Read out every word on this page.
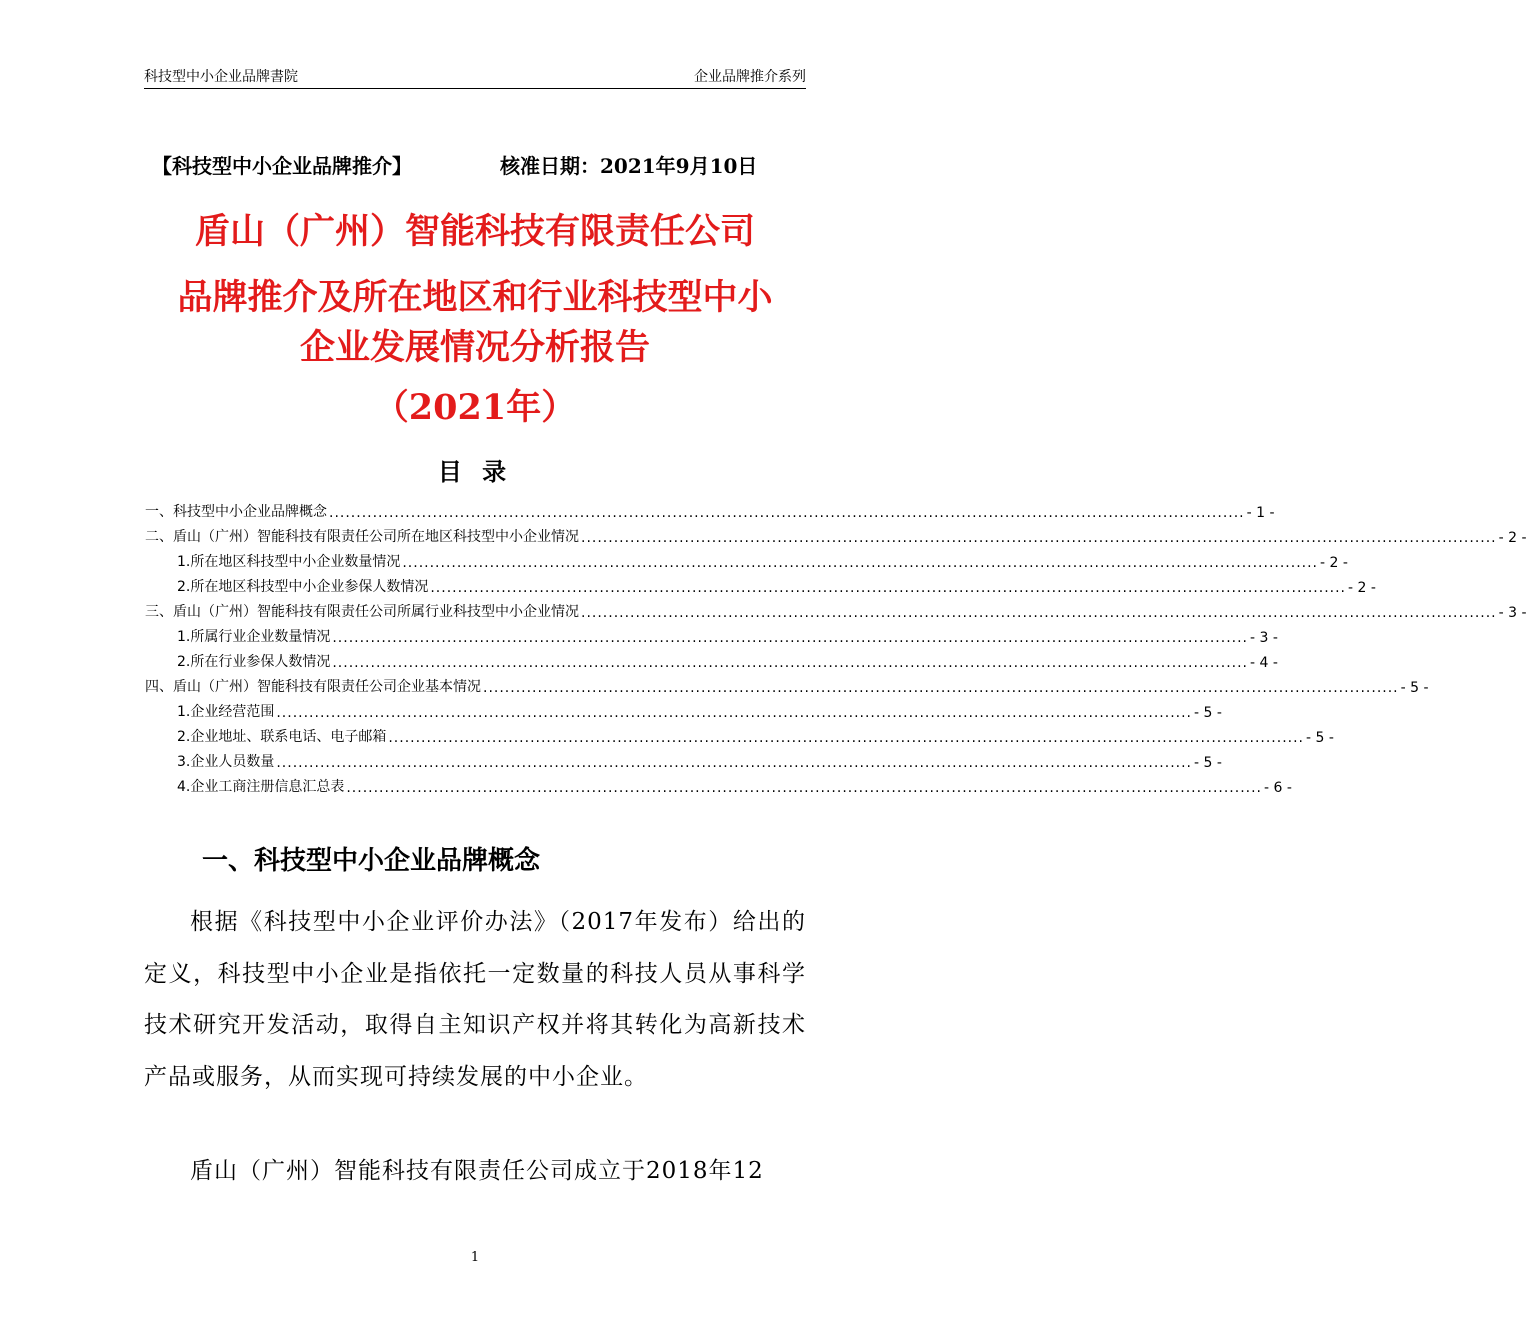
科技型中小企业品牌書院	企业品牌推介系列
【科技型中小企业品牌推介】	核准日期：2021年9月10日
盾山（广州）智能科技有限责任公司
品牌推介及所在地区和行业科技型中小
企业发展情况分析报告
（2021年）
目 录
一、科技型中小企业品牌概念 ........................................................................................................................................................................ - 1 -
二、盾山（广州）智能科技有限责任公司所在地区科技型中小企业情况 ........................................................................................................................................................................ - 2 -
1.所在地区科技型中小企业数量情况 ........................................................................................................................................................................ - 2 -
2.所在地区科技型中小企业参保人数情况 ........................................................................................................................................................................ - 2 -
三、盾山（广州）智能科技有限责任公司所属行业科技型中小企业情况 ........................................................................................................................................................................ - 3 -
1.所属行业企业数量情况 ........................................................................................................................................................................ - 3 -
2.所在行业参保人数情况 ........................................................................................................................................................................ - 4 -
四、盾山（广州）智能科技有限责任公司企业基本情况 ........................................................................................................................................................................ - 5 -
1.企业经营范围 ........................................................................................................................................................................ - 5 -
2.企业地址、联系电话、电子邮箱 ........................................................................................................................................................................ - 5 -
3.企业人员数量 ........................................................................................................................................................................ - 5 -
4.企业工商注册信息汇总表 ........................................................................................................................................................................ - 6 -
一、科技型中小企业品牌概念
根据《科技型中小企业评价办法》（2017年发布）给出的定义，科技型中小企业是指依托一定数量的科技人员从事科学技术研究开发活动，取得自主知识产权并将其转化为高新技术产品或服务，从而实现可持续发展的中小企业。
盾山（广州）智能科技有限责任公司成立于2018年12
1
